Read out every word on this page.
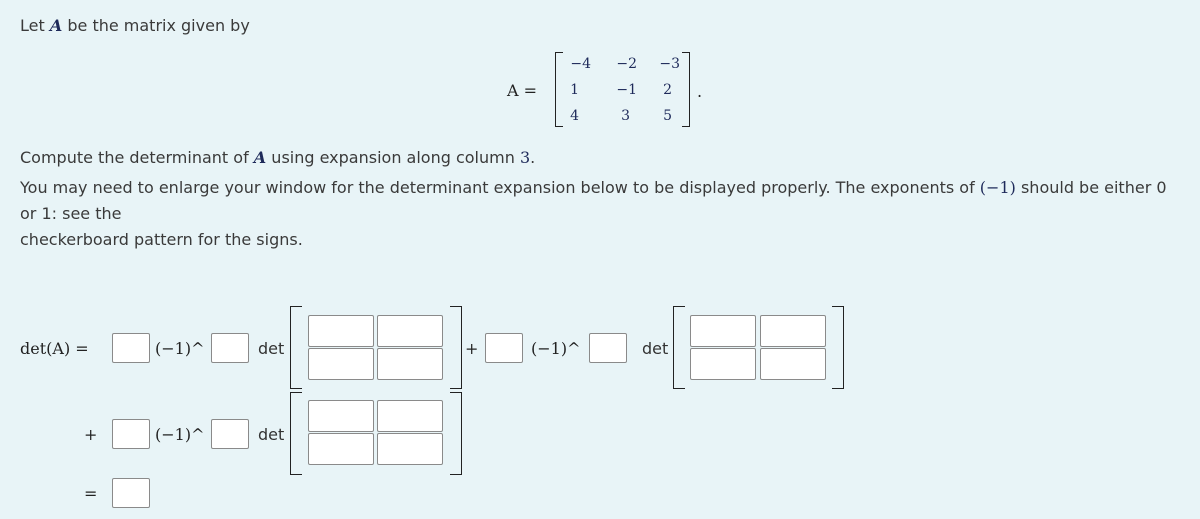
Let A be the matrix given by
A =
−4	−2	−3
1	−1	2
4	3	5
.
Compute the determinant of A using expansion along column 3.
You may need to enlarge your window for the determinant expansion below to be displayed properly. The exponents of (−1) should be either 0 or 1: see the
checkerboard pattern for the signs.
det(A) =	(−1)^	det	+	(−1)^	det
+	(−1)^	det
=
